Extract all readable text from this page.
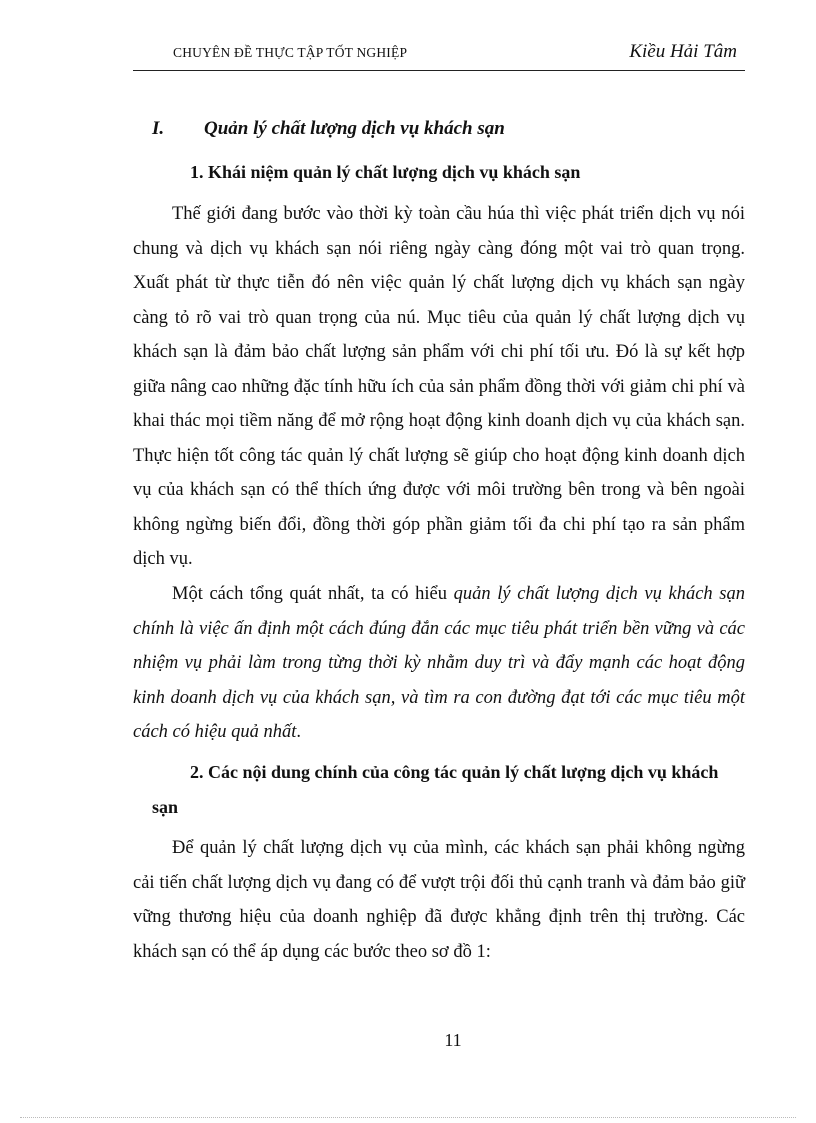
CHUYÊN ĐỀ THỰC TẬP TỐT NGHIỆP	Kiều Hải Tâm
I. Quản lý chất lượng dịch vụ khách sạn
1. Khái niệm quản lý chất lượng dịch vụ khách sạn
Thế giới đang bước vào thời kỳ toàn cầu húa thì việc phát triển dịch vụ nói chung và dịch vụ khách sạn nói riêng ngày càng đóng một vai trò quan trọng. Xuất phát từ thực tiễn đó nên việc quản lý chất lượng dịch vụ khách sạn ngày càng tỏ rõ vai trò quan trọng của nú. Mục tiêu của quản lý chất lượng dịch vụ khách sạn là đảm bảo chất lượng sản phẩm với chi phí tối ưu. Đó là sự kết hợp giữa nâng cao những đặc tính hữu ích của sản phẩm đồng thời với giảm chi phí và khai thác mọi tiềm năng để mở rộng hoạt động kinh doanh dịch vụ của khách sạn. Thực hiện tốt công tác quản lý chất lượng sẽ giúp cho hoạt động kinh doanh dịch vụ của khách sạn có thể thích ứng được với môi trường bên trong và bên ngoài không ngừng biến đổi, đồng thời góp phần giảm tối đa chi phí tạo ra sản phẩm dịch vụ.
Một cách tổng quát nhất, ta có hiểu quản lý chất lượng dịch vụ khách sạn chính là việc ấn định một cách đúng đắn các mục tiêu phát triển bền vững và các nhiệm vụ phải làm trong từng thời kỳ nhằm duy trì và đẩy mạnh các hoạt động kinh doanh dịch vụ của khách sạn, và tìm ra con đường đạt tới các mục tiêu một cách có hiệu quả nhất.
2. Các nội dung chính của công tác quản lý chất lượng dịch vụ khách
sạn
Để quản lý chất lượng dịch vụ của mình, các khách sạn phải không ngừng cải tiến chất lượng dịch vụ đang có để vượt trội đối thủ cạnh tranh và đảm bảo giữ vững thương hiệu của doanh nghiệp đã được khẳng định trên thị trường. Các khách sạn có thể áp dụng các bước theo sơ đồ 1:
11
